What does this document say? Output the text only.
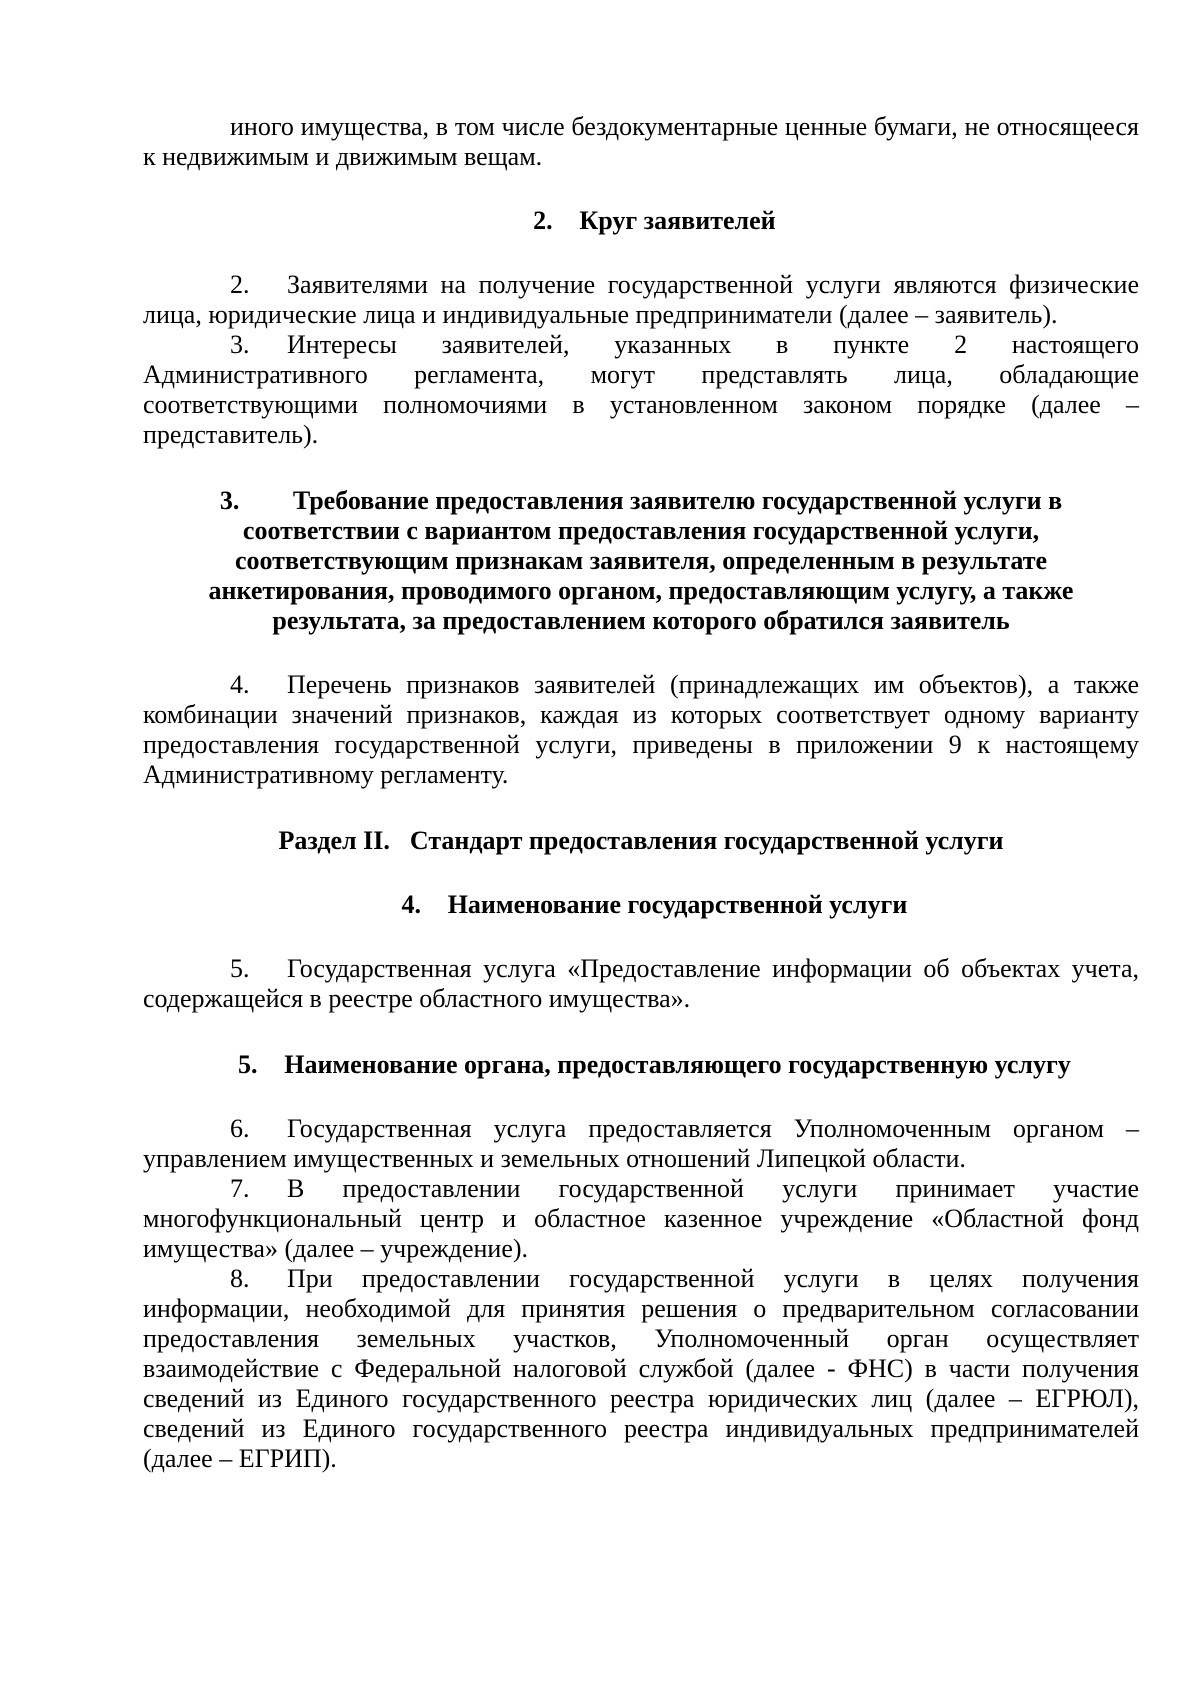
иного имущества, в том числе бездокументарные ценные бумаги, не относящееся к недвижимым и движимым вещам.

2.	Круг заявителей

2. Заявителями на получение государственной услуги являются физические лица, юридические лица и индивидуальные предприниматели (далее – заявитель).

3. Интересы заявителей, указанных в пункте 2 настоящего Административного регламента, могут представлять лица, обладающие соответствующими полномочиями в установленном законом порядке (далее – представитель).

3. Требование предоставления заявителю государственной услуги в соответствии с вариантом предоставления государственной услуги, соответствующим признакам заявителя, определенным в результате анкетирования, проводимого органом, предоставляющим услугу, а также результата, за предоставлением которого обратился заявитель

4. Перечень признаков заявителей (принадлежащих им объектов), а также комбинации значений признаков, каждая из которых соответствует одному варианту предоставления государственной услуги, приведены в приложении 9 к настоящему Административному регламенту.

Раздел II. Стандарт предоставления государственной услуги
4.	Наименование государственной услуги

5. Государственная услуга «Предоставление информации об объектах учета, содержащейся в реестре областного имущества».

5.	Наименование органа, предоставляющего государственную услугу

6. Государственная услуга предоставляется Уполномоченным органом – управлением имущественных и земельных отношений Липецкой области.

7. В предоставлении государственной услуги принимает участие многофункциональный центр и областное казенное учреждение «Областной фонд имущества» (далее – учреждение).

8. При предоставлении государственной услуги в целях получения информации, необходимой для принятия решения о предварительном согласовании предоставления земельных участков, Уполномоченный орган осуществляет взаимодействие с Федеральной налоговой службой (далее - ФНС) в части получения сведений из Единого государственного реестра юридических лиц (далее – ЕГРЮЛ), сведений из Единого государственного реестра индивидуальных предпринимателей (далее – ЕГРИП).
